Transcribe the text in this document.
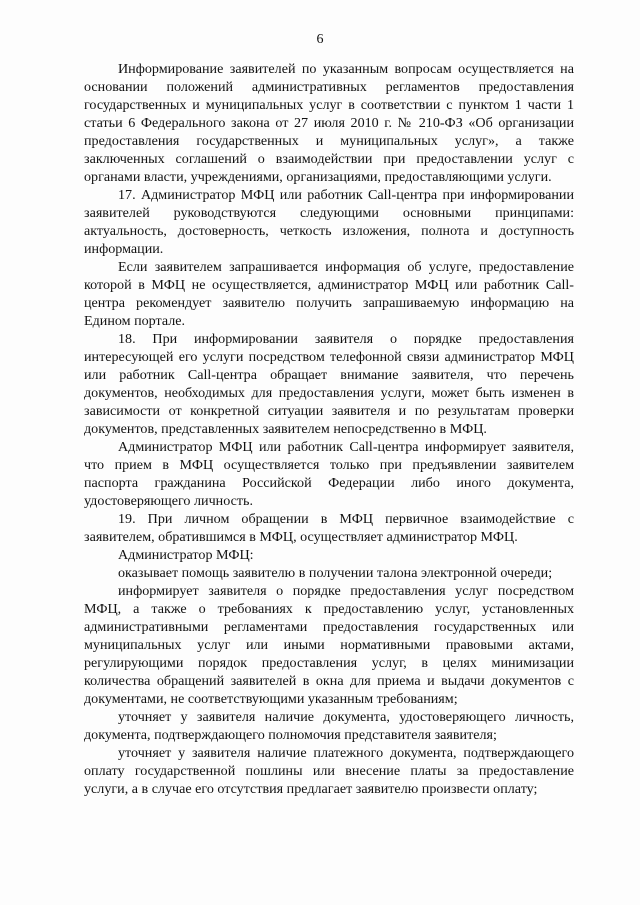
6

Информирование заявителей по указанным вопросам осуществляется на основании положений административных регламентов предоставления государственных и муниципальных услуг в соответствии с пунктом 1 части 1 статьи 6 Федерального закона от 27 июля 2010 г. № 210-ФЗ «Об организации предоставления государственных и муниципальных услуг», а также заключенных соглашений о взаимодействии при предоставлении услуг с органами власти, учреждениями, организациями, предоставляющими услуги.

17. Администратор МФЦ или работник Call-центра при информировании заявителей руководствуются следующими основными принципами: актуальность, достоверность, четкость изложения, полнота и доступность информации.

Если заявителем запрашивается информация об услуге, предоставление которой в МФЦ не осуществляется, администратор МФЦ или работник Call-центра рекомендует заявителю получить запрашиваемую информацию на Едином портале.

18. При информировании заявителя о порядке предоставления интересующей его услуги посредством телефонной связи администратор МФЦ или работник Call-центра обращает внимание заявителя, что перечень документов, необходимых для предоставления услуги, может быть изменен в зависимости от конкретной ситуации заявителя и по результатам проверки документов, представленных заявителем непосредственно в МФЦ.

Администратор МФЦ или работник Call-центра информирует заявителя, что прием в МФЦ осуществляется только при предъявлении заявителем паспорта гражданина Российской Федерации либо иного документа, удостоверяющего личность.

19. При личном обращении в МФЦ первичное взаимодействие с заявителем, обратившимся в МФЦ, осуществляет администратор МФЦ.

Администратор МФЦ:

оказывает помощь заявителю в получении талона электронной очереди;

информирует заявителя о порядке предоставления услуг посредством МФЦ, а также о требованиях к предоставлению услуг, установленных административными регламентами предоставления государственных или муниципальных услуг или иными нормативными правовыми актами, регулирующими порядок предоставления услуг, в целях минимизации количества обращений заявителей в окна для приема и выдачи документов с документами, не соответствующими указанным требованиям;

уточняет у заявителя наличие документа, удостоверяющего личность, документа, подтверждающего полномочия представителя заявителя;

уточняет у заявителя наличие платежного документа, подтверждающего оплату государственной пошлины или внесение платы за предоставление услуги, а в случае его отсутствия предлагает заявителю произвести оплату;
